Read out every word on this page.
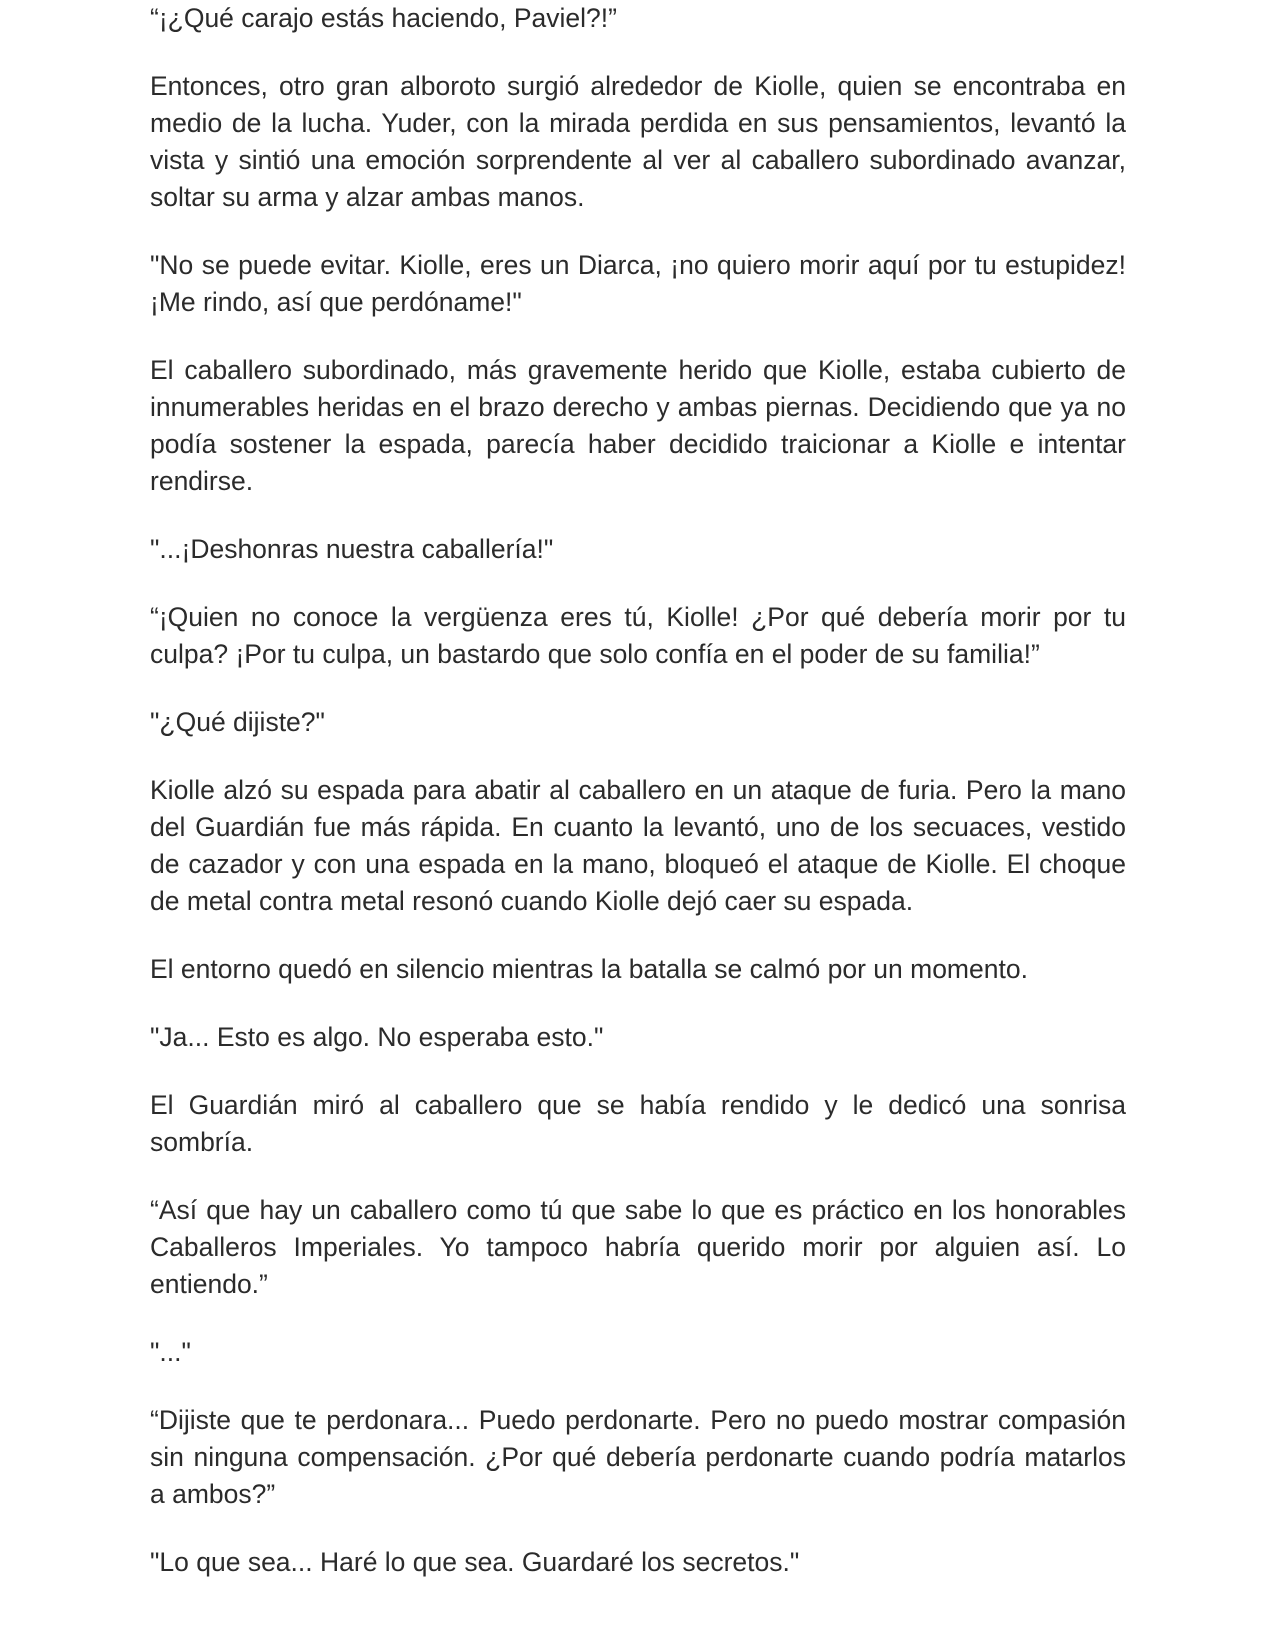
“¡¿Qué carajo estás haciendo, Paviel?!”

Entonces, otro gran alboroto surgió alrededor de Kiolle, quien se encontraba en medio de la lucha. Yuder, con la mirada perdida en sus pensamientos, levantó la vista y sintió una emoción sorprendente al ver al caballero subordinado avanzar, soltar su arma y alzar ambas manos.

"No se puede evitar. Kiolle, eres un Diarca, ¡no quiero morir aquí por tu estupidez! ¡Me rindo, así que perdóname!"

El caballero subordinado, más gravemente herido que Kiolle, estaba cubierto de innumerables heridas en el brazo derecho y ambas piernas. Decidiendo que ya no podía sostener la espada, parecía haber decidido traicionar a Kiolle e intentar rendirse.

"...¡Deshonras nuestra caballería!"

“¡Quien no conoce la vergüenza eres tú, Kiolle! ¿Por qué debería morir por tu culpa? ¡Por tu culpa, un bastardo que solo confía en el poder de su familia!”

"¿Qué dijiste?"

Kiolle alzó su espada para abatir al caballero en un ataque de furia. Pero la mano del Guardián fue más rápida. En cuanto la levantó, uno de los secuaces, vestido de cazador y con una espada en la mano, bloqueó el ataque de Kiolle. El choque de metal contra metal resonó cuando Kiolle dejó caer su espada.

El entorno quedó en silencio mientras la batalla se calmó por un momento.

"Ja... Esto es algo. No esperaba esto."

El Guardián miró al caballero que se había rendido y le dedicó una sonrisa sombría.

“Así que hay un caballero como tú que sabe lo que es práctico en los honorables Caballeros Imperiales. Yo tampoco habría querido morir por alguien así. Lo entiendo.”

"..."

“Dijiste que te perdonara... Puedo perdonarte. Pero no puedo mostrar compasión sin ninguna compensación. ¿Por qué debería perdonarte cuando podría matarlos a ambos?”

"Lo que sea... Haré lo que sea. Guardaré los secretos."
